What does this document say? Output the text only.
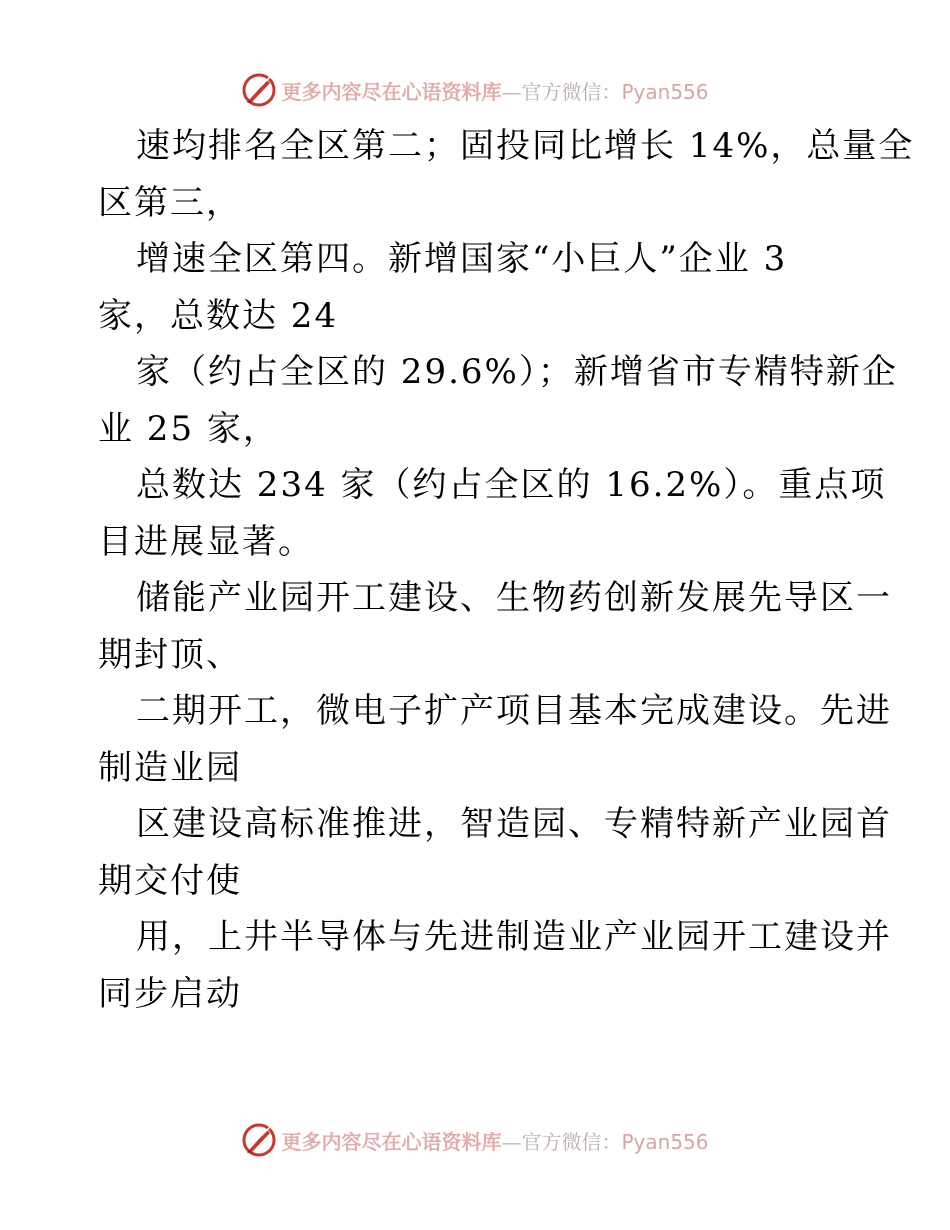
更多内容尽在心语资料库—官方微信：Pyan556
速均排名全区第二；固投同比增长 14%，总量全
区第三，
增速全区第四。新增国家“小巨人”企业 3
家，总数达 24
家（约占全区的 29.6%）；新增省市专精特新企
业 25 家，
总数达 234 家（约占全区的 16.2%）。重点项
目进展显著。
储能产业园开工建设、生物药创新发展先导区一
期封顶、
二期开工，微电子扩产项目基本完成建设。先进
制造业园
区建设高标准推进，智造园、专精特新产业园首
期交付使
用，上井半导体与先进制造业产业园开工建设并
同步启动
更多内容尽在心语资料库—官方微信：Pyan556
